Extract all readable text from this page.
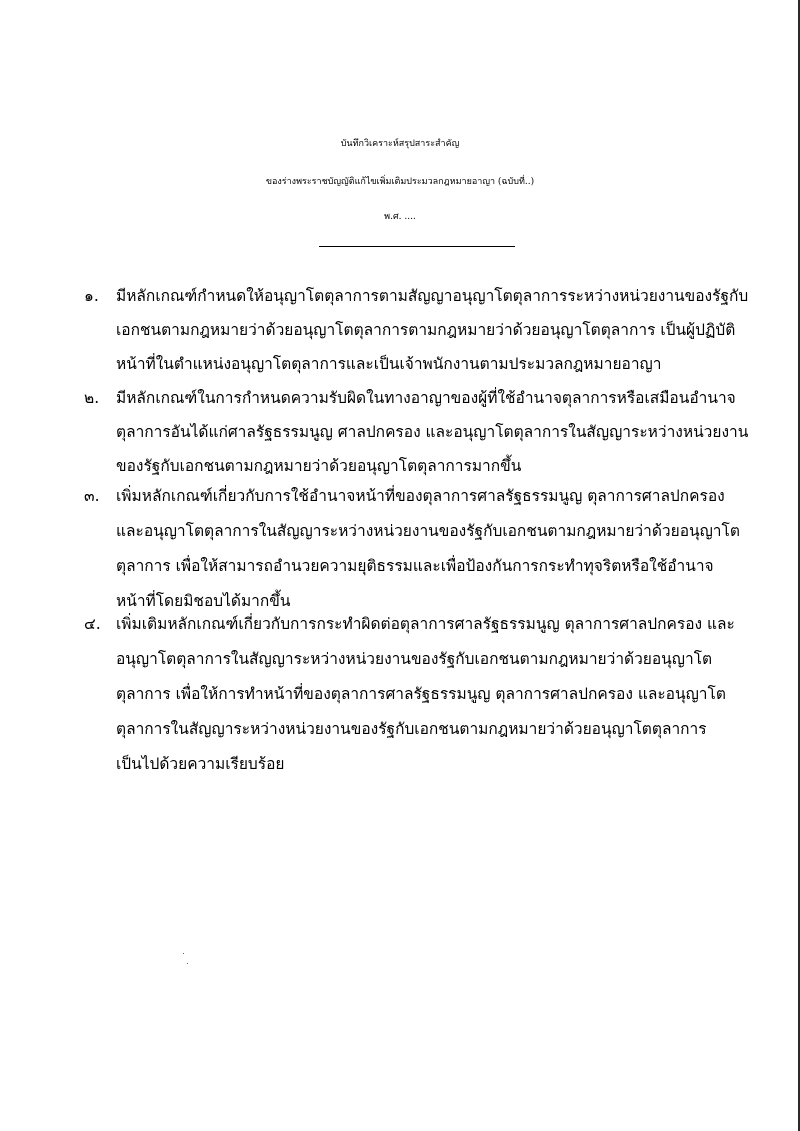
บันทึกวิเคราะห์สรุปสาระสำคัญ
ของร่างพระราชบัญญัติแก้ไขเพิ่มเติมประมวลกฎหมายอาญา (ฉบับที่..)
พ.ศ. ....
๑. มีหลักเกณฑ์กำหนดให้อนุญาโตตุลาการตามสัญญาอนุญาโตตุลาการระหว่างหน่วยงานของรัฐกับ
เอกชนตามกฎหมายว่าด้วยอนุญาโตตุลาการตามกฎหมายว่าด้วยอนุญาโตตุลาการ เป็นผู้ปฏิบัติ
หน้าที่ในตำแหน่งอนุญาโตตุลาการและเป็นเจ้าพนักงานตามประมวลกฎหมายอาญา
๒. มีหลักเกณฑ์ในการกำหนดความรับผิดในทางอาญาของผู้ที่ใช้อำนาจตุลาการหรือเสมือนอำนาจ
ตุลาการอันได้แก่ศาลรัฐธรรมนูญ ศาลปกครอง และอนุญาโตตุลาการในสัญญาระหว่างหน่วยงาน
ของรัฐกับเอกชนตามกฎหมายว่าด้วยอนุญาโตตุลาการมากขึ้น
๓. เพิ่มหลักเกณฑ์เกี่ยวกับการใช้อำนาจหน้าที่ของตุลาการศาลรัฐธรรมนูญ ตุลาการศาลปกครอง
และอนุญาโตตุลาการในสัญญาระหว่างหน่วยงานของรัฐกับเอกชนตามกฎหมายว่าด้วยอนุญาโต
ตุลาการ เพื่อให้สามารถอำนวยความยุติธรรมและเพื่อป้องกันการกระทำทุจริตหรือใช้อำนาจ
หน้าที่โดยมิชอบได้มากขึ้น
๔. เพิ่มเติมหลักเกณฑ์เกี่ยวกับการกระทำผิดต่อตุลาการศาลรัฐธรรมนูญ ตุลาการศาลปกครอง และ
อนุญาโตตุลาการในสัญญาระหว่างหน่วยงานของรัฐกับเอกชนตามกฎหมายว่าด้วยอนุญาโต
ตุลาการ เพื่อให้การทำหน้าที่ของตุลาการศาลรัฐธรรมนูญ ตุลาการศาลปกครอง และอนุญาโต
ตุลาการในสัญญาระหว่างหน่วยงานของรัฐกับเอกชนตามกฎหมายว่าด้วยอนุญาโตตุลาการ
เป็นไปด้วยความเรียบร้อย
